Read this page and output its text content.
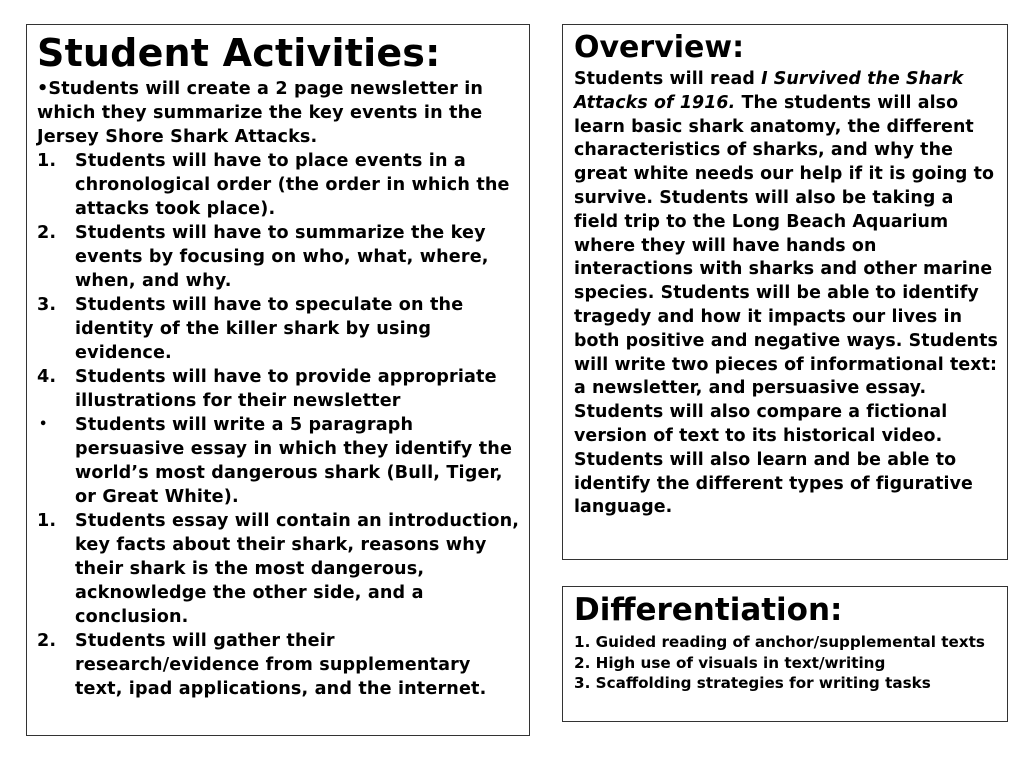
Student Activities:

•Students will create a 2 page newsletter in which they summarize the key events in the Jersey Shore Shark Attacks.

1.	Students will have to place events in a chronological order (the order in which the attacks took place).
2.	Students will have to summarize the key events by focusing on who, what, where, when, and why.
3.	Students will have to speculate on the identity of the killer shark by using evidence.
4.	Students will have to provide appropriate illustrations for their newsletter
•	Students will write a 5 paragraph persuasive essay in which they identify the world’s most dangerous shark (Bull, Tiger, or Great White).
1.	Students essay will contain an introduction, key facts about their shark, reasons why their shark is the most dangerous, acknowledge the other side, and a conclusion.
2.	Students will gather their research/evidence from supplementary text, ipad applications, and the internet.
Overview:

Students will read I Survived the Shark Attacks of 1916. The students will also learn basic shark anatomy, the different characteristics of sharks, and why the great white needs our help if it is going to survive. Students will also be taking a field trip to the Long Beach Aquarium where they will have hands on interactions with sharks and other marine species. Students will be able to identify tragedy and how it impacts our lives in both positive and negative ways. Students will write two pieces of informational text: a newsletter, and persuasive essay. Students will also compare a fictional version of text to its historical video. Students will also learn and be able to identify the different types of figurative language.

Differentiation:

1. Guided reading of anchor/supplemental texts

2. High use of visuals in text/writing

3. Scaffolding strategies for writing tasks
